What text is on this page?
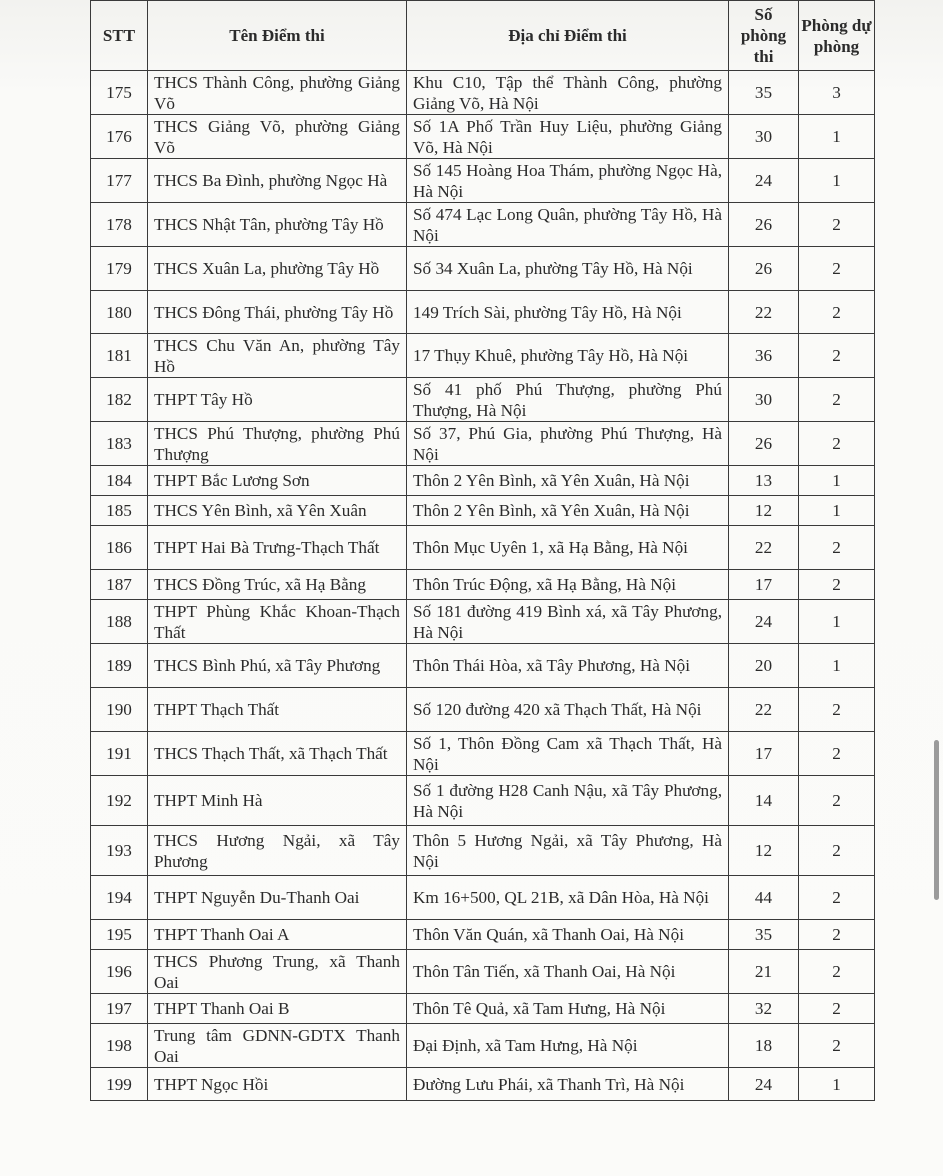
STT	Tên Điểm thi	Địa chỉ Điểm thi	Số phòng thi	Phòng dự phòng
175	THCS Thành Công, phường Giảng Võ	Khu C10, Tập thể Thành Công, phường Giảng Võ, Hà Nội	35	3
176	THCS Giảng Võ, phường Giảng Võ	Số 1A Phố Trần Huy Liệu, phường Giảng Võ, Hà Nội	30	1
177	THCS Ba Đình, phường Ngọc Hà	Số 145 Hoàng Hoa Thám, phường Ngọc Hà, Hà Nội	24	1
178	THCS Nhật Tân, phường Tây Hồ	Số 474 Lạc Long Quân, phường Tây Hồ, Hà Nội	26	2
179	THCS Xuân La, phường Tây Hồ	Số 34 Xuân La, phường Tây Hồ, Hà Nội	26	2
180	THCS Đông Thái, phường Tây Hồ	149 Trích Sài, phường Tây Hồ, Hà Nội	22	2
181	THCS Chu Văn An, phường Tây Hồ	17 Thụy Khuê, phường Tây Hồ, Hà Nội	36	2
182	THPT Tây Hồ	Số 41 phố Phú Thượng, phường Phú Thượng, Hà Nội	30	2
183	THCS Phú Thượng, phường Phú Thượng	Số 37, Phú Gia, phường Phú Thượng, Hà Nội	26	2
184	THPT Bắc Lương Sơn	Thôn 2 Yên Bình, xã Yên Xuân, Hà Nội	13	1
185	THCS Yên Bình, xã Yên Xuân	Thôn 2 Yên Bình, xã Yên Xuân, Hà Nội	12	1
186	THPT Hai Bà Trưng-Thạch Thất	Thôn Mục Uyên 1, xã Hạ Bằng, Hà Nội	22	2
187	THCS Đồng Trúc, xã Hạ Bằng	Thôn Trúc Động, xã Hạ Bằng, Hà Nội	17	2
188	THPT Phùng Khắc Khoan-Thạch Thất	Số 181 đường 419 Bình xá, xã Tây Phương, Hà Nội	24	1
189	THCS Bình Phú, xã Tây Phương	Thôn Thái Hòa, xã Tây Phương, Hà Nội	20	1
190	THPT Thạch Thất	Số 120 đường 420 xã Thạch Thất, Hà Nội	22	2
191	THCS Thạch Thất, xã Thạch Thất	Số 1, Thôn Đồng Cam xã Thạch Thất, Hà Nội	17	2
192	THPT Minh Hà	Số 1 đường H28 Canh Nậu, xã Tây Phương, Hà Nội	14	2
193	THCS Hương Ngải, xã Tây Phương	Thôn 5 Hương Ngải, xã Tây Phương, Hà Nội	12	2
194	THPT Nguyễn Du-Thanh Oai	Km 16+500, QL 21B, xã Dân Hòa, Hà Nội	44	2
195	THPT Thanh Oai A	Thôn Văn Quán, xã Thanh Oai, Hà Nội	35	2
196	THCS Phương Trung, xã Thanh Oai	Thôn Tân Tiến, xã Thanh Oai, Hà Nội	21	2
197	THPT Thanh Oai B	Thôn Tê Quả, xã Tam Hưng, Hà Nội	32	2
198	Trung tâm GDNN-GDTX Thanh Oai	Đại Định, xã Tam Hưng, Hà Nội	18	2
199	THPT Ngọc Hồi	Đường Lưu Phái, xã Thanh Trì, Hà Nội	24	1
